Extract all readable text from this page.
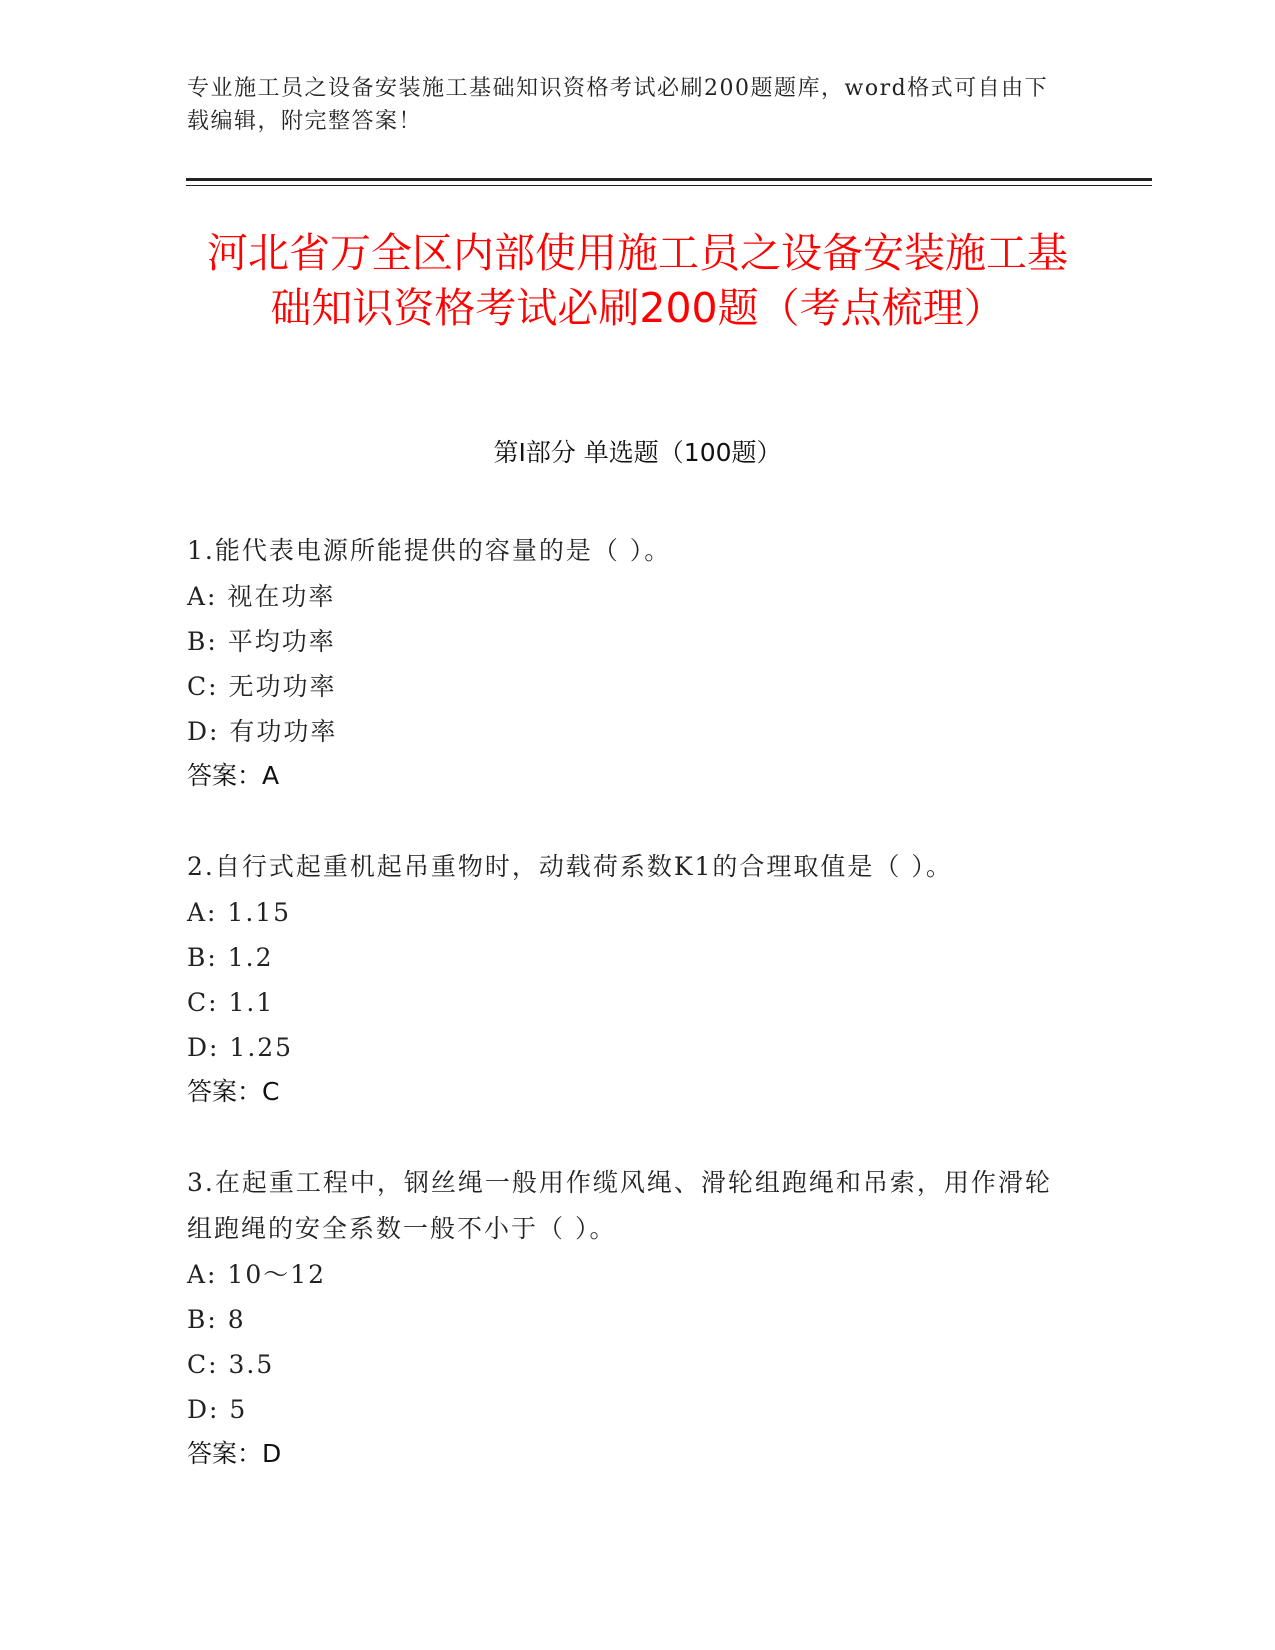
专业施工员之设备安装施工基础知识资格考试必刷200题题库，word格式可自由下载编辑，附完整答案！
河北省万全区内部使用施工员之设备安装施工基础知识资格考试必刷200题（考点梳理）
第I部分 单选题（100题）
1.能代表电源所能提供的容量的是（ ）。
A: 视在功率
B: 平均功率
C: 无功功率
D: 有功功率
答案：A
2.自行式起重机起吊重物时，动载荷系数K1的合理取值是（ ）。
A: 1.15
B: 1.2
C: 1.1
D: 1.25
答案：C
3.在起重工程中，钢丝绳一般用作缆风绳、滑轮组跑绳和吊索，用作滑轮组跑绳的安全系数一般不小于（ ）。
A: 10～12
B: 8
C: 3.5
D: 5
答案：D
